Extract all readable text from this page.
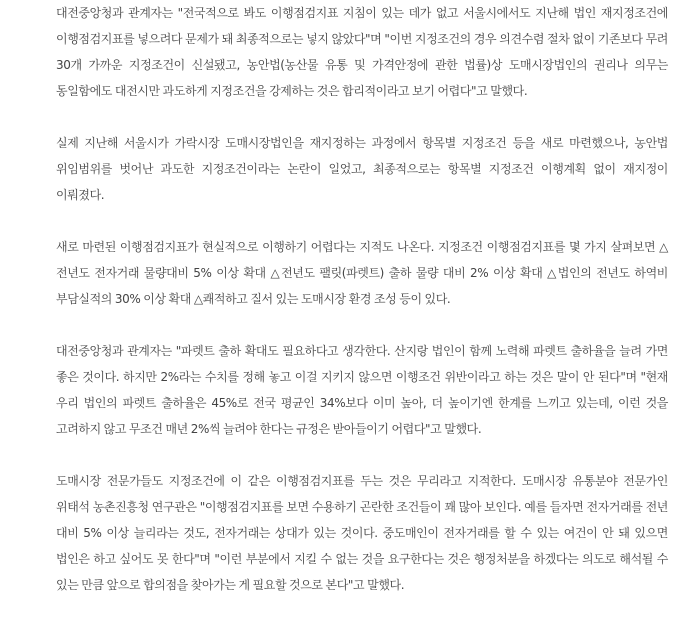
대전중앙청과 관계자는 "전국적으로 봐도 이행점검지표 지침이 있는 데가 없고 서울시에서도 지난해 법인 재지정조건에 이행점검지표를 넣으려다 문제가 돼 최종적으로는 넣지 않았다"며 "이번 지정조건의 경우 의견수렴 절차 없이 기존보다 무려 30개 가까운 지정조건이 신설됐고, 농안법(농산물 유통 및 가격안정에 관한 법률)상 도매시장법인의 권리나 의무는 동일함에도 대전시만 과도하게 지정조건을 강제하는 것은 합리적이라고 보기 어렵다"고 말했다.

실제 지난해 서울시가 가락시장 도매시장법인을 재지정하는 과정에서 항목별 지정조건 등을 새로 마련했으나, 농안법 위임범위를 벗어난 과도한 지정조건이라는 논란이 일었고, 최종적으로는 항목별 지정조건 이행계획 없이 재지정이 이뤄졌다.

새로 마련된 이행점검지표가 현실적으로 이행하기 어렵다는 지적도 나온다. 지정조건 이행점검지표를 몇 가지 살펴보면 △전년도 전자거래 물량대비 5% 이상 확대 △전년도 팰릿(파렛트) 출하 물량 대비 2% 이상 확대 △법인의 전년도 하역비 부담실적의 30% 이상 확대 △쾌적하고 질서 있는 도매시장 환경 조성 등이 있다.

대전중앙청과 관계자는 "파렛트 출하 확대도 필요하다고 생각한다. 산지랑 법인이 함께 노력해 파렛트 출하율을 늘려 가면 좋은 것이다. 하지만 2%라는 수치를 정해 놓고 이걸 지키지 않으면 이행조건 위반이라고 하는 것은 말이 안 된다"며 "현재 우리 법인의 파렛트 출하율은 45%로 전국 평균인 34%보다 이미 높아, 더 높이기엔 한계를 느끼고 있는데, 이런 것을 고려하지 않고 무조건 매년 2%씩 늘려야 한다는 규정은 받아들이기 어렵다"고 말했다.

도매시장 전문가들도 지정조건에 이 같은 이행점검지표를 두는 것은 무리라고 지적한다. 도매시장 유통분야 전문가인 위태석 농촌진흥청 연구관은 "이행점검지표를 보면 수용하기 곤란한 조건들이 꽤 많아 보인다. 예를 들자면 전자거래를 전년 대비 5% 이상 늘리라는 것도, 전자거래는 상대가 있는 것이다. 중도매인이 전자거래를 할 수 있는 여건이 안 돼 있으면 법인은 하고 싶어도 못 한다"며 "이런 부분에서 지킬 수 없는 것을 요구한다는 것은 행정처분을 하겠다는 의도로 해석될 수 있는 만큼 앞으로 합의점을 찾아가는 게 필요할 것으로 본다"고 말했다.
